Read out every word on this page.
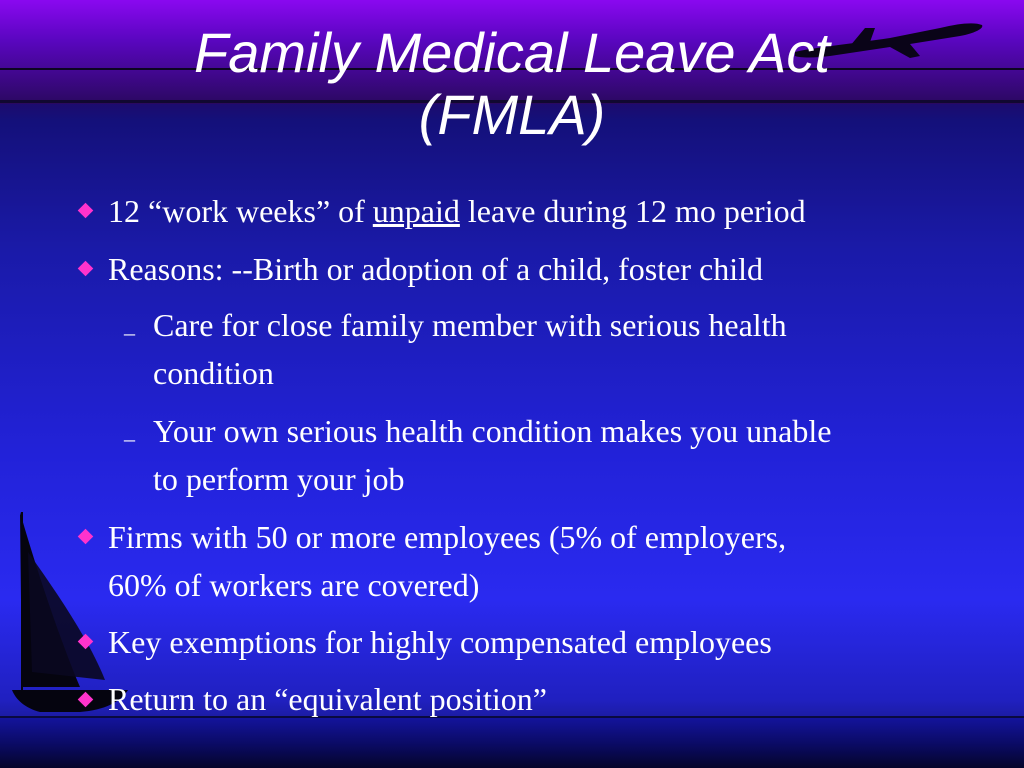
Family Medical Leave Act
(FMLA)
12 “work weeks” of unpaid leave during 12 mo period
Reasons: --Birth or adoption of a child, foster child
– Care for close family member with serious health
condition
– Your own serious health condition makes you unable
to perform your job
Firms with 50 or more employees (5% of employers,
60% of workers are covered)
Key exemptions for highly compensated employees
Return to an “equivalent position”
